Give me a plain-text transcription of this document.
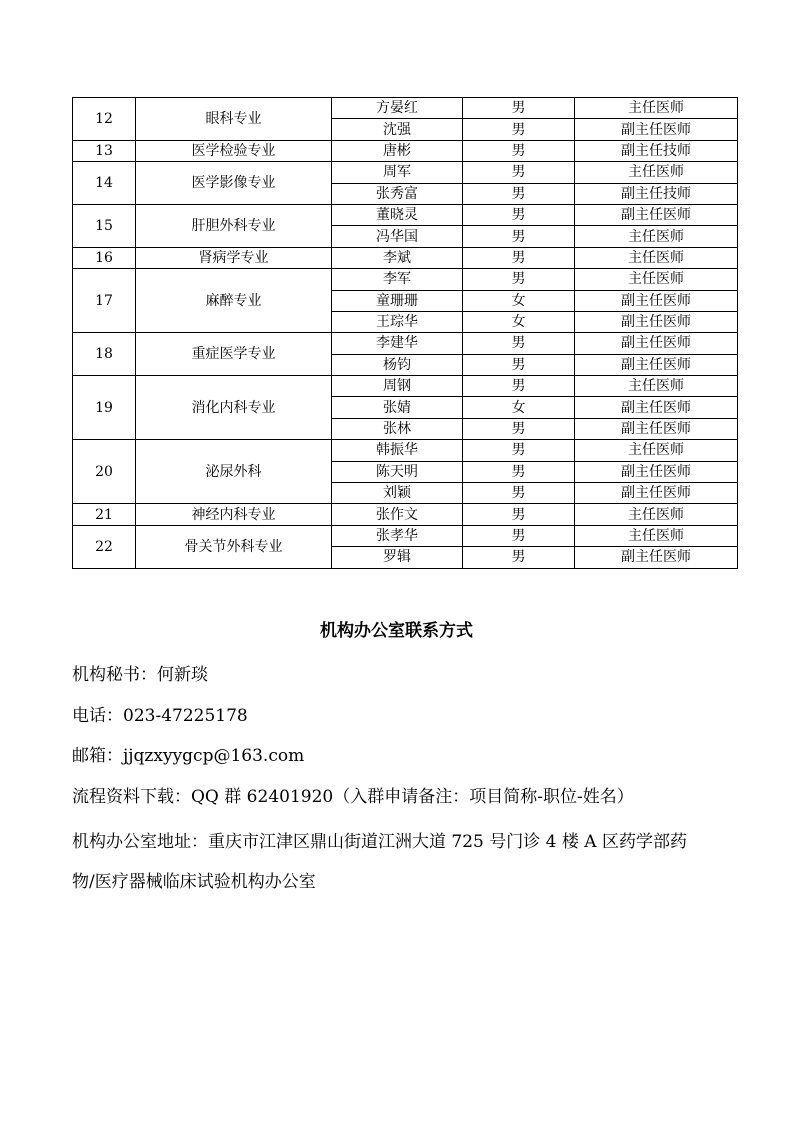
12	眼科专业	方晏红	男	主任医师
		沈强	男	副主任医师
13	医学检验专业	唐彬	男	副主任技师
14	医学影像专业	周军	男	主任医师
		张秀富	男	副主任技师
15	肝胆外科专业	董晓灵	男	副主任医师
		冯华国	男	主任医师
16	肾病学专业	李斌	男	主任医师
17	麻醉专业	李军	男	主任医师
		童珊珊	女	副主任医师
		王琮华	女	副主任医师
18	重症医学专业	李建华	男	副主任医师
		杨钧	男	副主任医师
19	消化内科专业	周钢	男	主任医师
		张婧	女	副主任医师
		张林	男	副主任医师
20	泌尿外科	韩振华	男	主任医师
		陈天明	男	副主任医师
		刘颖	男	副主任医师
21	神经内科专业	张作文	男	主任医师
22	骨关节外科专业	张孝华	男	主任医师
		罗辑	男	副主任医师
机构办公室联系方式
机构秘书：何新琰
电话：023-47225178
邮箱：jjqzxyygcp@163.com
流程资料下载：QQ 群 62401920（入群申请备注：项目简称-职位-姓名）
机构办公室地址：重庆市江津区鼎山街道江洲大道 725 号门诊 4 楼 A 区药学部药
物/医疗器械临床试验机构办公室
